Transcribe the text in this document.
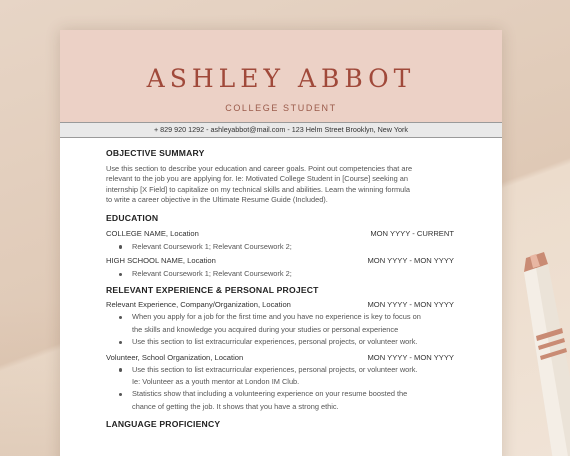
ASHLEY ABBOT
COLLEGE STUDENT
+ 829 920 1292 - ashleyabbot@mail.com - 123 Helm Street Brooklyn, New York
OBJECTIVE SUMMARY
Use this section to describe your education and career goals. Point out competencies that are
relevant to the job you are applying for. Ie: Motivated College Student in [Course] seeking an
internship [X Field] to capitalize on my technical skills and abilities. Learn the winning formula
to write a career objective in the Ultimate Resume Guide (Included).
EDUCATION
COLLEGE NAME, Location	MON YYYY - CURRENT
Relevant Coursework 1; Relevant Coursework 2;
HIGH SCHOOL NAME, Location	MON YYYY - MON YYYY
Relevant Coursework 1; Relevant Coursework 2;
RELEVANT EXPERIENCE & PERSONAL PROJECT
Relevant Experience, Company/Organization, Location	MON YYYY - MON YYYY
When you apply for a job for the first time and you have no experience is key to focus on
the skills and knowledge you acquired during your studies or personal experience
Use this section to list extracurricular experiences, personal projects, or volunteer work.
Volunteer, School Organization, Location	MON YYYY - MON YYYY
Use this section to list extracurricular experiences, personal projects, or volunteer work.
Ie: Volunteer as a youth mentor at London IM Club.
Statistics show that including a volunteering experience on your resume boosted the
chance of getting the job. It shows that you have a strong ethic.
LANGUAGE PROFICIENCY
